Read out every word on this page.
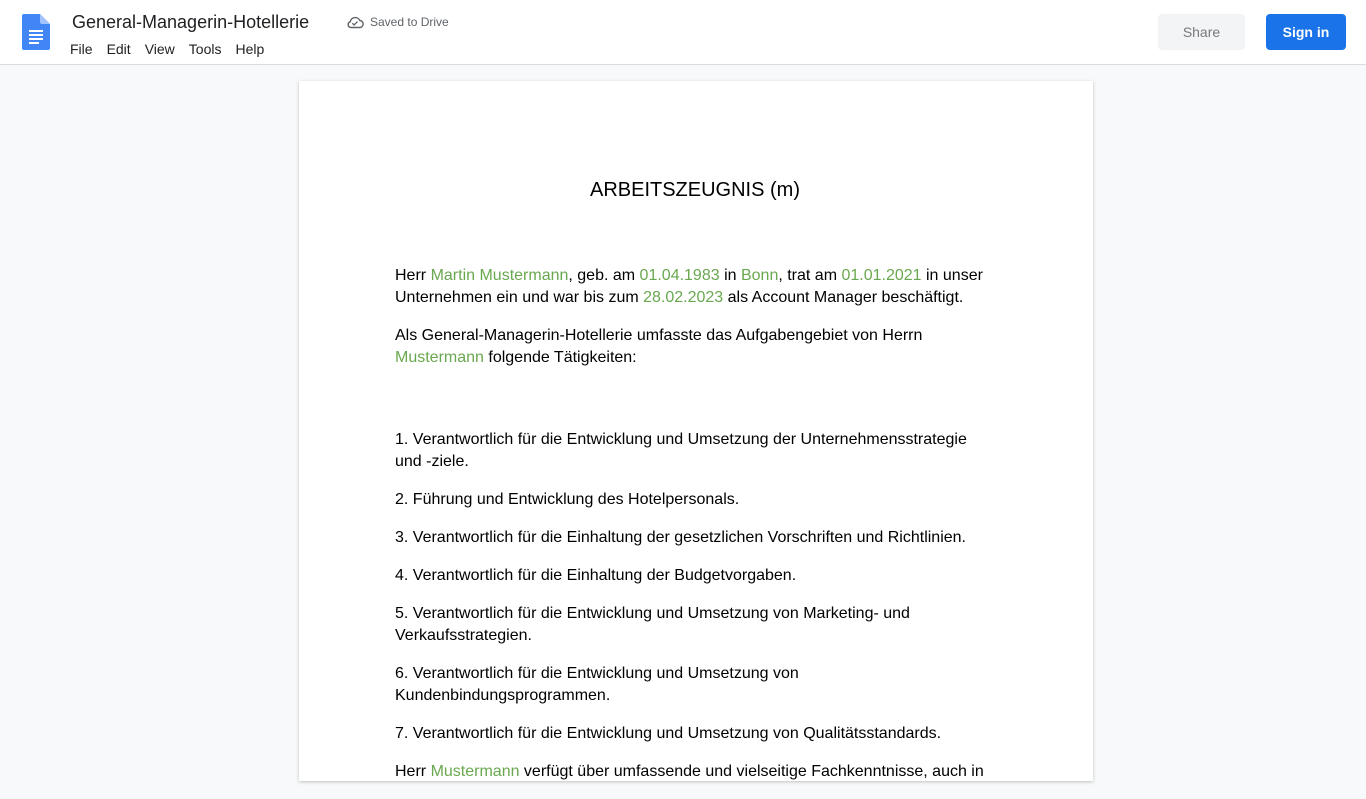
General-Managerin-Hotellerie	Saved to Drive
File	Edit	View	Tools	Help
Share	Sign in
ARBEITSZEUGNIS (m)

Herr Martin Mustermann, geb. am 01.04.1983 in Bonn, trat am 01.01.2021 in unser Unternehmen ein und war bis zum 28.02.2023 als Account Manager beschäftigt.

Als General-Managerin-Hotellerie umfasste das Aufgabengebiet von Herrn Mustermann folgende Tätigkeiten:

1. Verantwortlich für die Entwicklung und Umsetzung der Unternehmensstrategie und -ziele.

2. Führung und Entwicklung des Hotelpersonals.

3. Verantwortlich für die Einhaltung der gesetzlichen Vorschriften und Richtlinien.

4. Verantwortlich für die Einhaltung der Budgetvorgaben.

5. Verantwortlich für die Entwicklung und Umsetzung von Marketing- und Verkaufsstrategien.

6. Verantwortlich für die Entwicklung und Umsetzung von Kundenbindungsprogrammen.

7. Verantwortlich für die Entwicklung und Umsetzung von Qualitätsstandards.

Herr Mustermann verfügt über umfassende und vielseitige Fachkenntnisse, auch in
